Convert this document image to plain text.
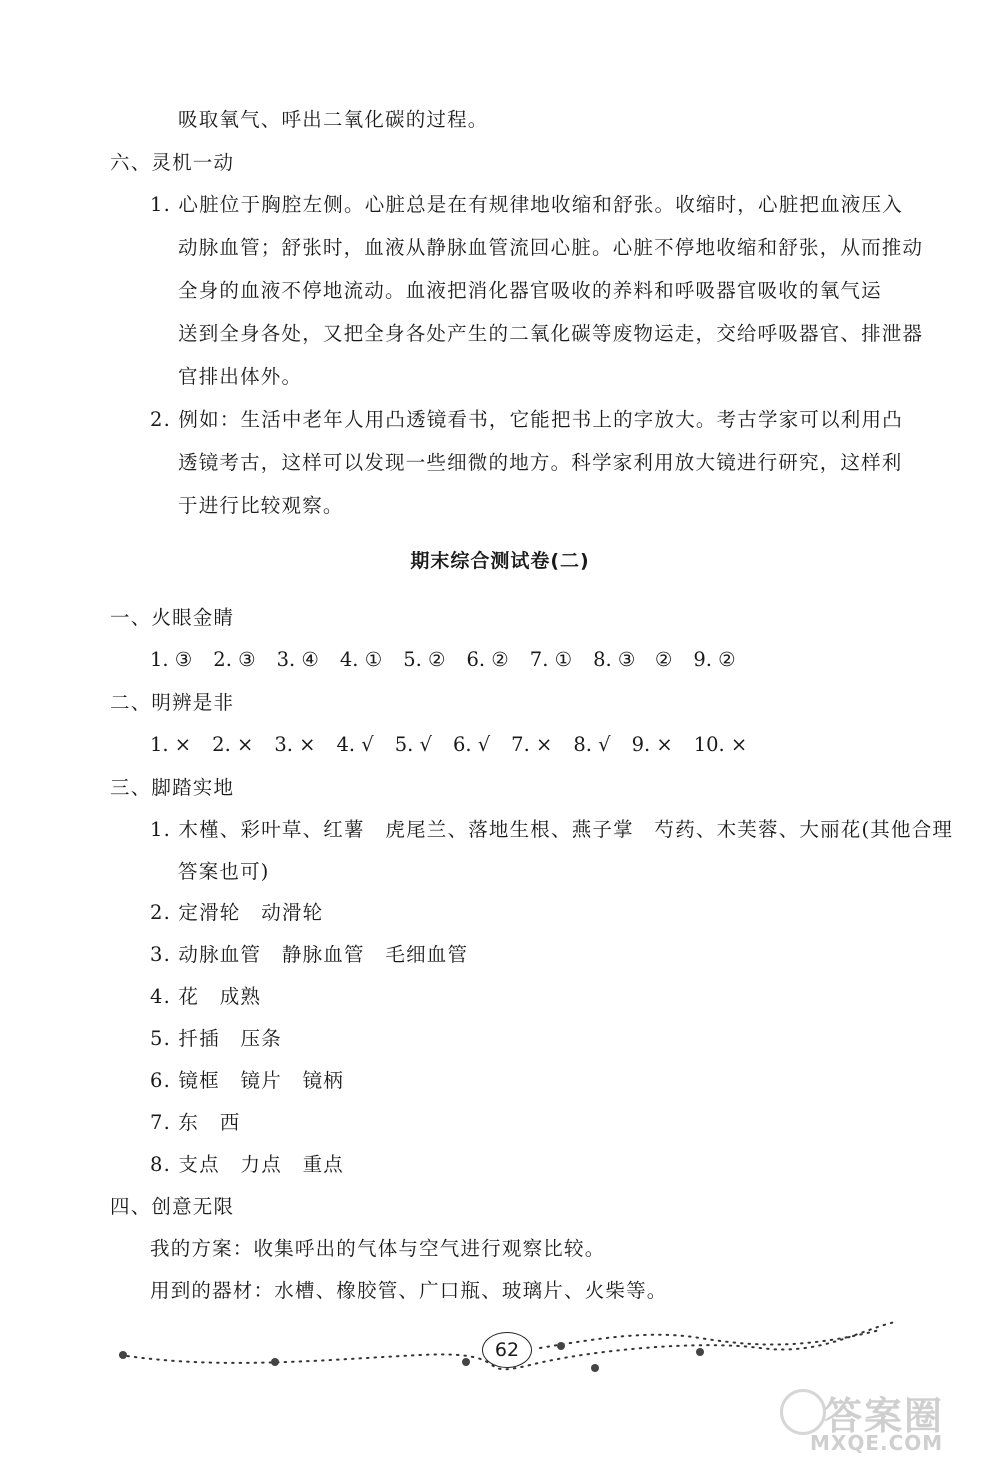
吸取氧气、呼出二氧化碳的过程。
六、灵机一动
1. 心脏位于胸腔左侧。心脏总是在有规律地收缩和舒张。收缩时，心脏把血液压入
动脉血管；舒张时，血液从静脉血管流回心脏。心脏不停地收缩和舒张，从而推动
全身的血液不停地流动。血液把消化器官吸收的养料和呼吸器官吸收的氧气运
送到全身各处，又把全身各处产生的二氧化碳等废物运走，交给呼吸器官、排泄器
官排出体外。
2. 例如：生活中老年人用凸透镜看书，它能把书上的字放大。考古学家可以利用凸
透镜考古，这样可以发现一些细微的地方。科学家利用放大镜进行研究，这样利
于进行比较观察。
一、火眼金睛
二、明辨是非
三、脚踏实地
1. 木槿、彩叶草、红薯　虎尾兰、落地生根、燕子掌　芍药、木芙蓉、大丽花(其他合理
答案也可)
2. 定滑轮　动滑轮
3. 动脉血管　静脉血管　毛细血管
4. 花　成熟
5. 扦插　压条
6. 镜框　镜片　镜柄
7. 东　西
8. 支点　力点　重点
四、创意无限
我的方案：收集呼出的气体与空气进行观察比较。
用到的器材：水槽、橡胶管、广口瓶、玻璃片、火柴等。
期末综合测试卷(二)
1. ③ 2. ③ 3. ④ 4. ① 5. ② 6. ② 7. ① 8. ③　② 9. ②
1. × 2. × 3. × 4. √ 5. √ 6. √ 7. × 8. √ 9. × 10. ×
62
答案圈
MXQE.COM
